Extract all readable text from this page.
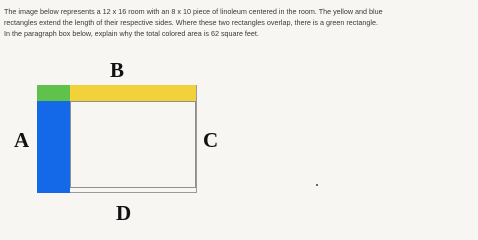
The image below represents a 12 x 16 room with an 8 x 10 piece of linoleum centered in the room. The yellow and blue
rectangles extend the length of their respective sides. Where these two rectangles overlap, there is a green rectangle.
In the paragraph box below, explain why the total colored area is 62 square feet.

B
A	C
D
